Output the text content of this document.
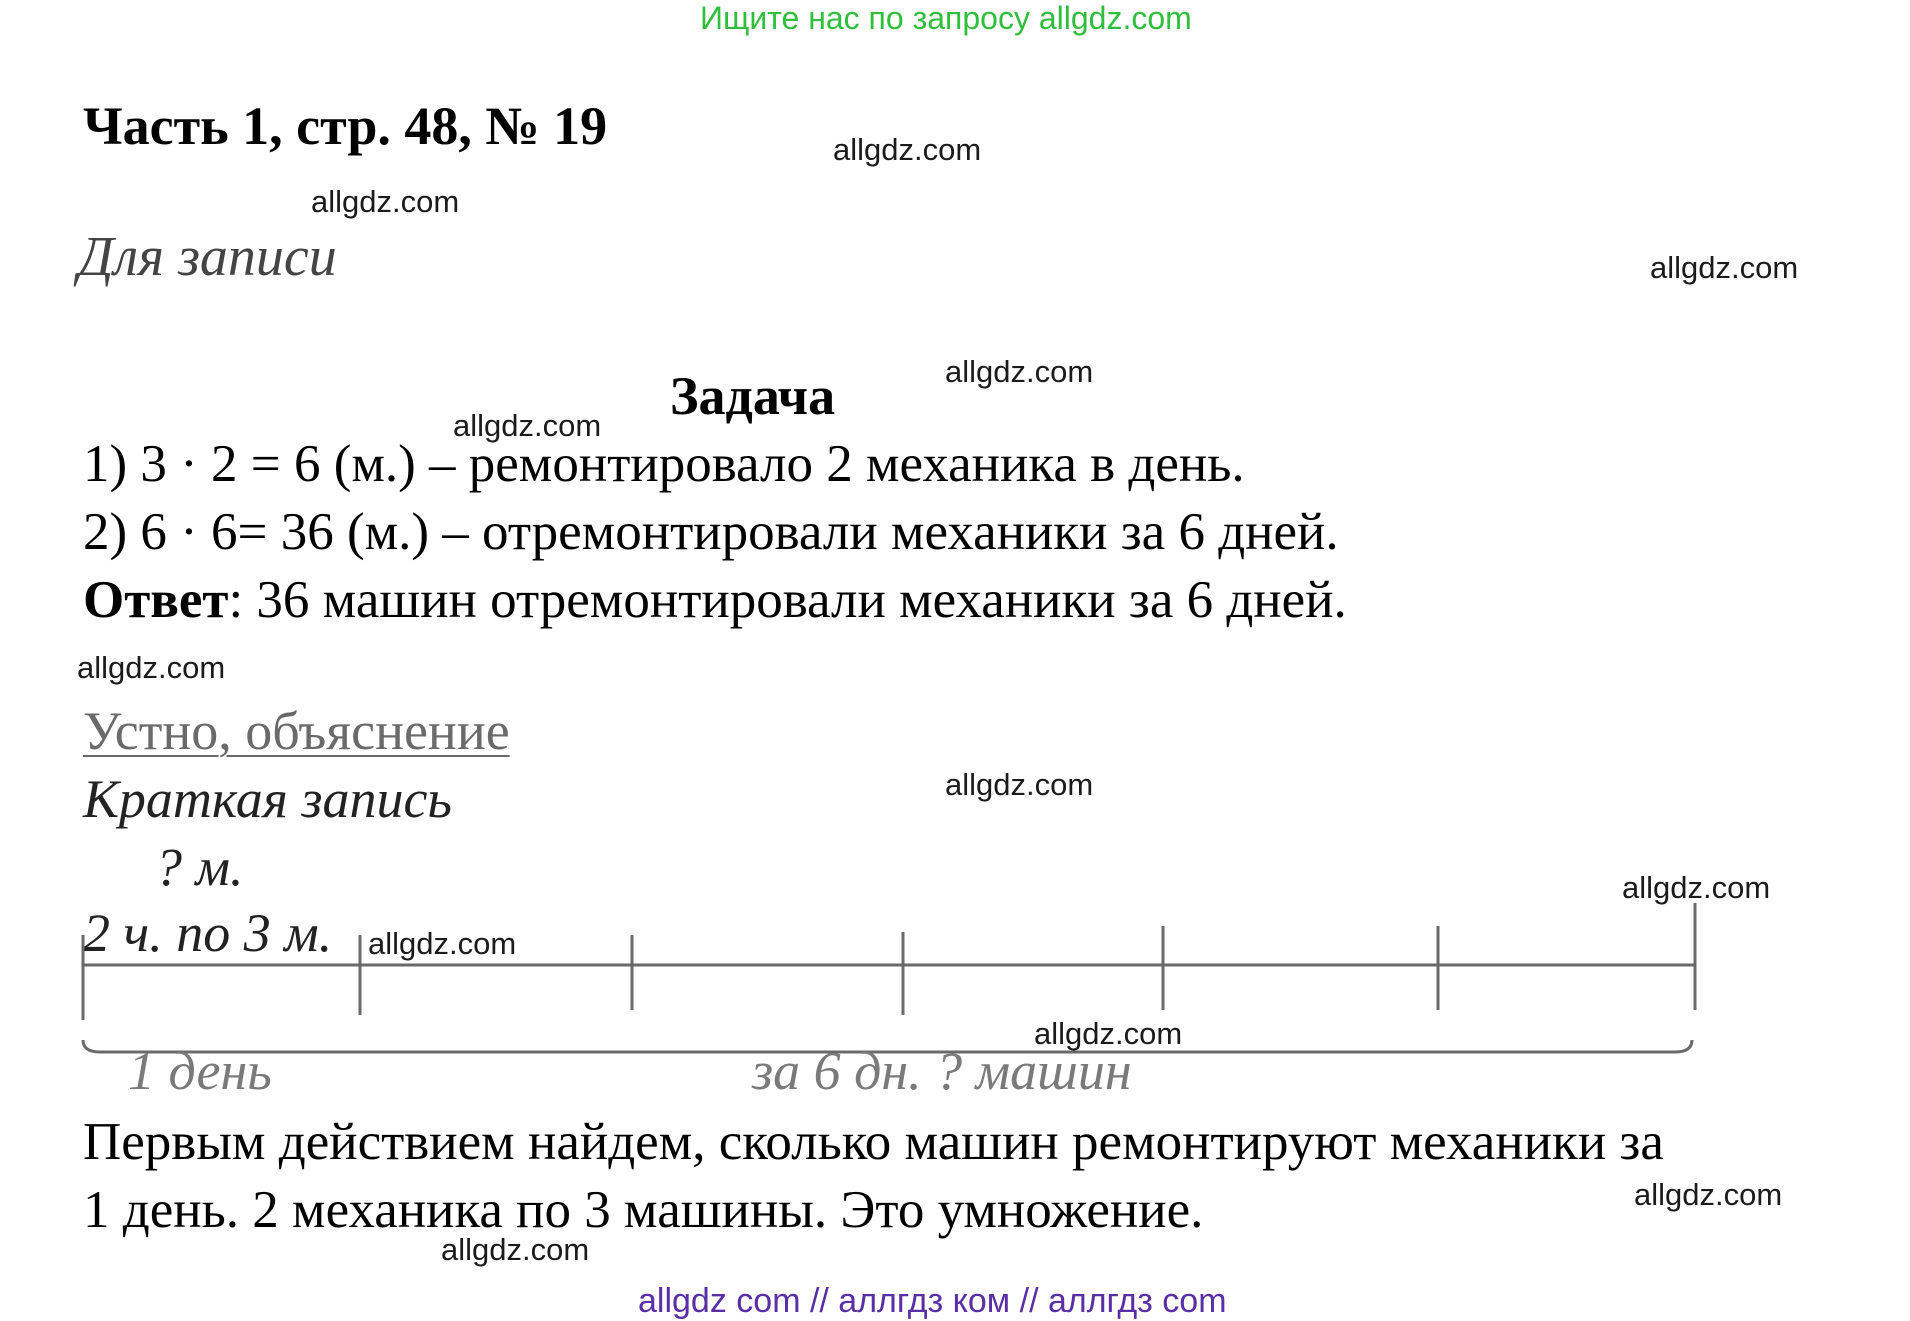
Ищите нас по запросу allgdz.com
Часть 1, стр. 48, № 19
Для записи
Задача
1) 3 · 2 = 6 (м.) – ремонтировало 2 механика в день.
2) 6 · 6= 36 (м.) – отремонтировали механики за 6 дней.
Ответ: 36 машин отремонтировали механики за 6 дней.
Устно, объяснение
Краткая запись
? м.
2 ч. по 3 м.
1 день	за 6 дн. ? машин
Первым действием найдем, сколько машин ремонтируют механики за
1 день. 2 механика по 3 машины. Это умножение.
allgdz.com
allgdz.com
allgdz.com
allgdz.com
allgdz.com
allgdz.com
allgdz.com
allgdz.com
allgdz.com
allgdz.com
allgdz.com
allgdz.com
allgdz com // аллгдз ком // аллгдз com
